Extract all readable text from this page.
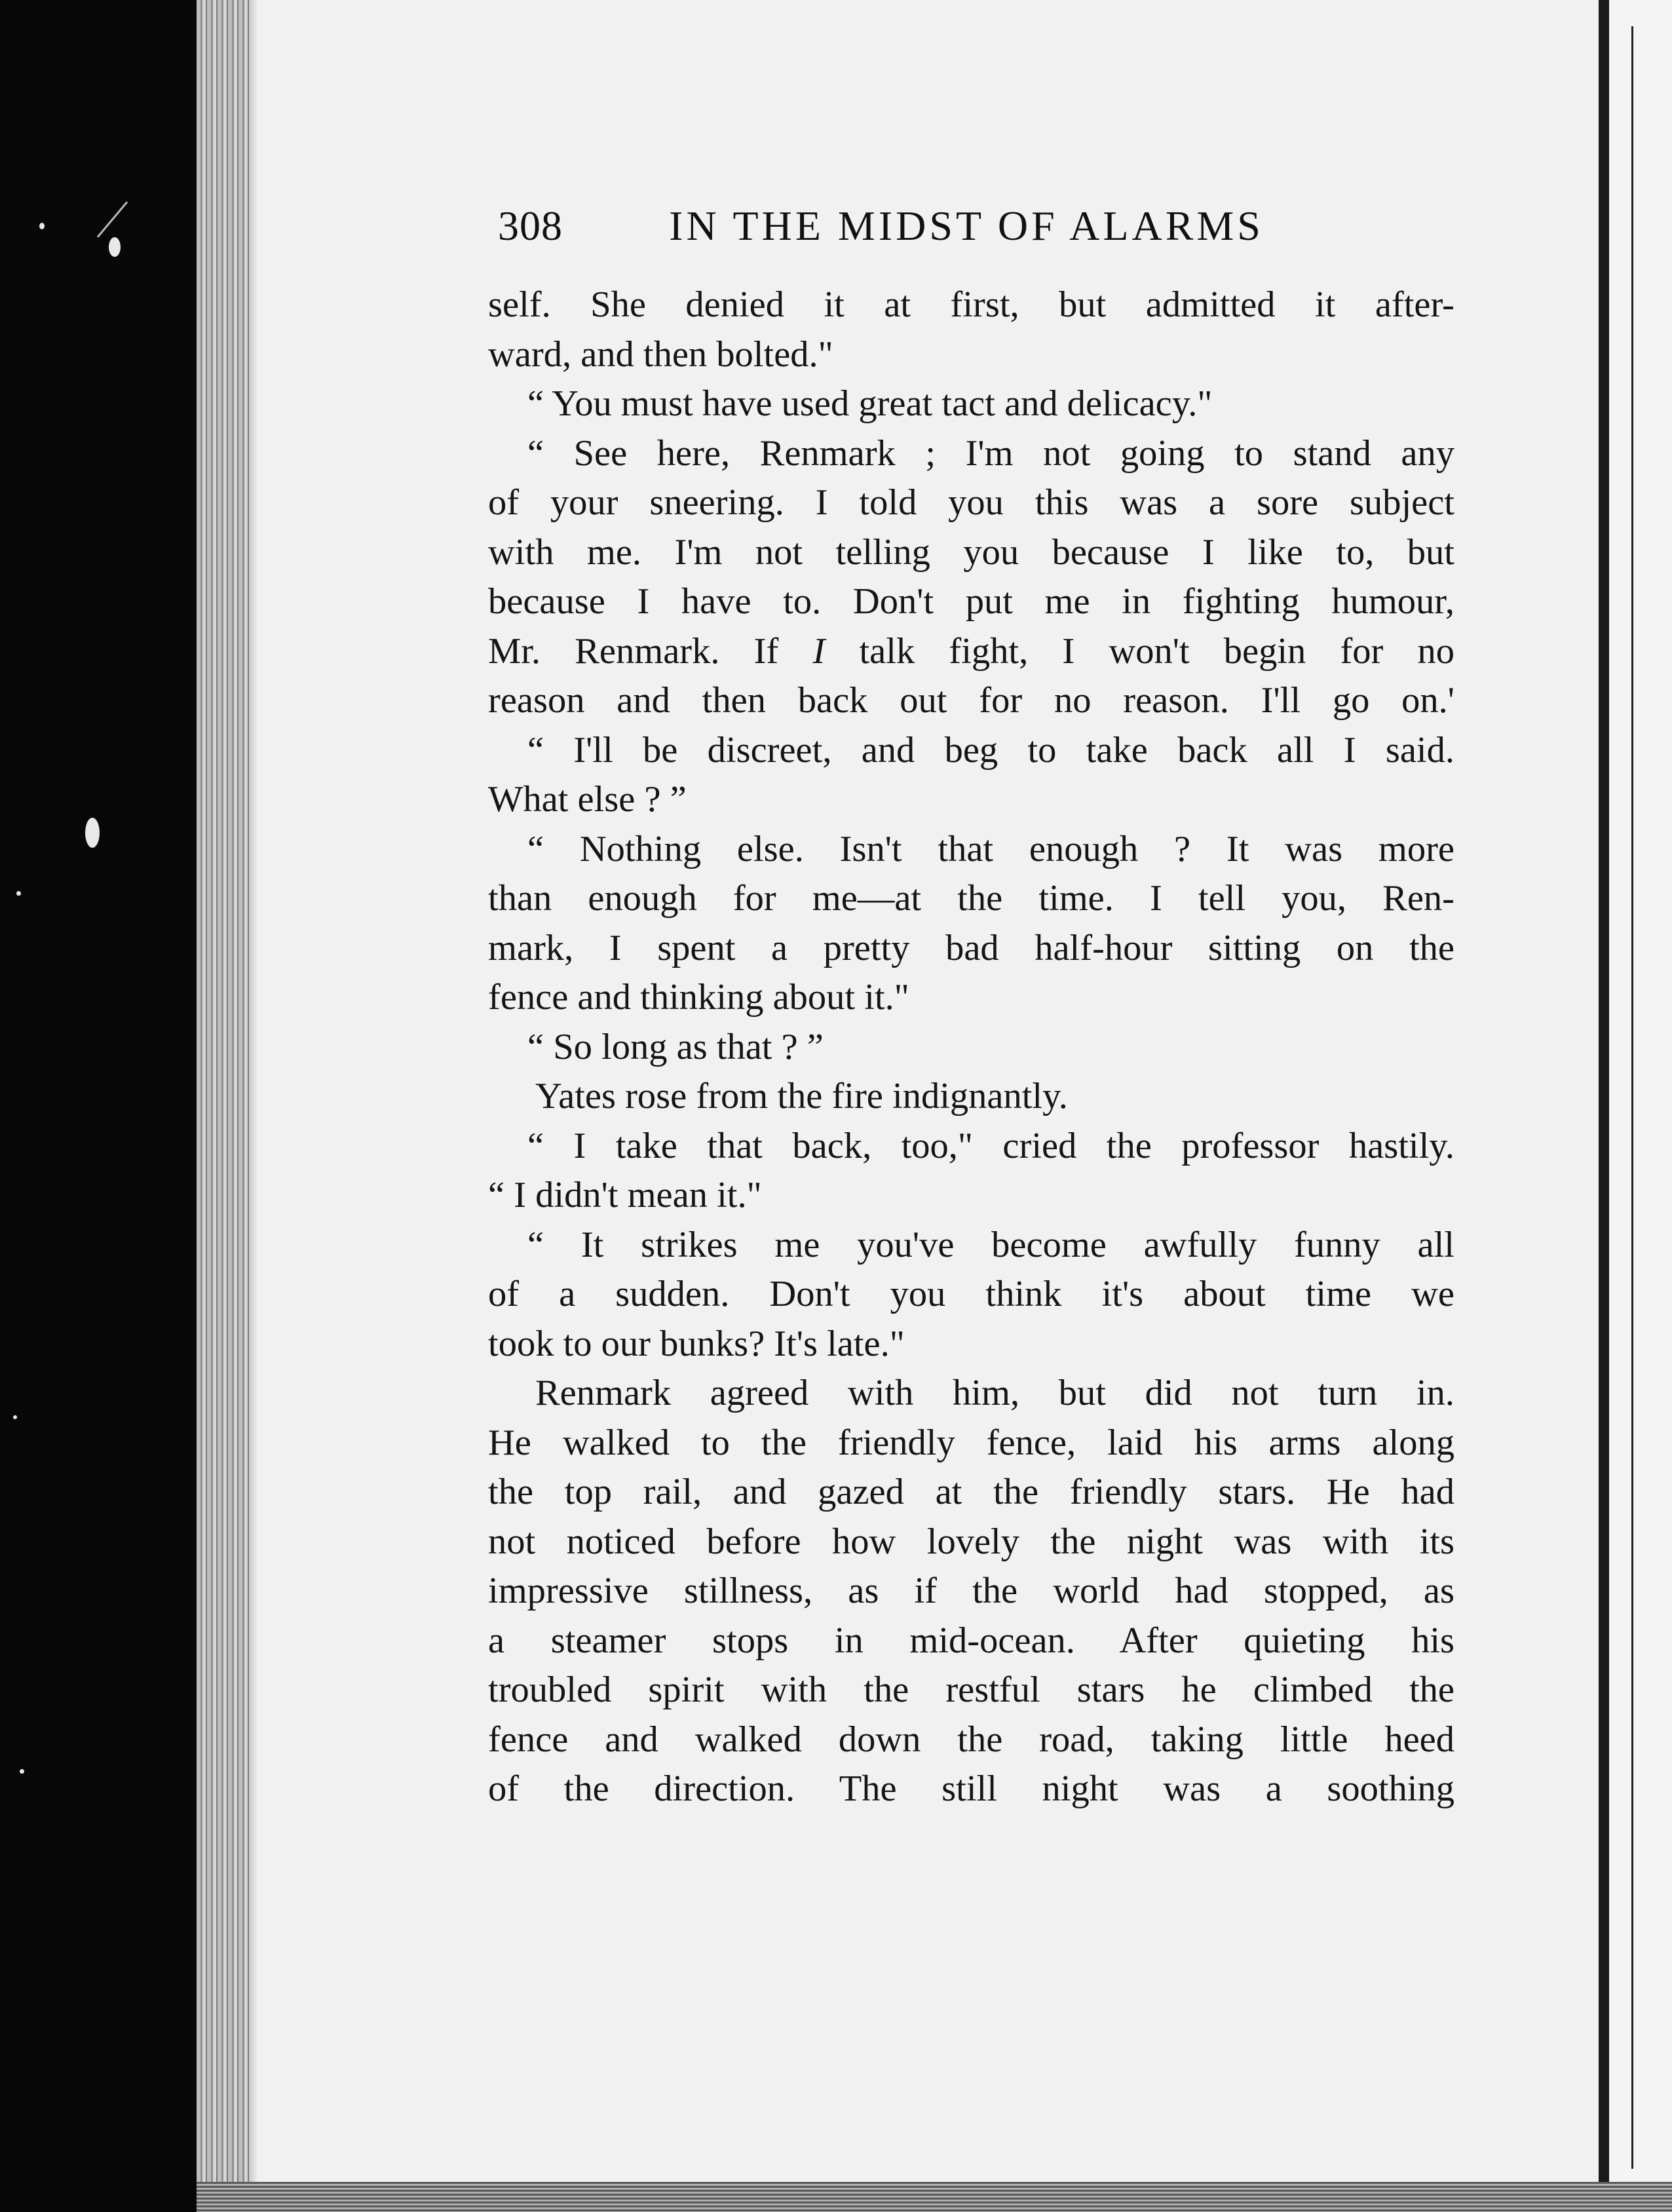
308	IN THE MIDST OF ALARMS
self. She denied it at first, but admitted it after-
ward, and then bolted."
“ You must have used great tact and delicacy."
“ See here, Renmark ; I'm not going to stand any
of your sneering. I told you this was a sore subject
with me. I'm not telling you because I like to, but
because I have to. Don't put me in fighting humour,
Mr. Renmark. If I talk fight, I won't begin for no
reason and then back out for no reason. I'll go on.'
“ I'll be discreet, and beg to take back all I said.
What else ? ”
“ Nothing else. Isn't that enough ? It was more
than enough for me—at the time. I tell you, Ren-
mark, I spent a pretty bad half-hour sitting on the
fence and thinking about it."
“ So long as that ? ”
Yates rose from the fire indignantly.
“ I take that back, too," cried the professor hastily.
“ I didn't mean it."
“ It strikes me you've become awfully funny all
of a sudden. Don't you think it's about time we
took to our bunks? It's late."
Renmark agreed with him, but did not turn in.
He walked to the friendly fence, laid his arms along
the top rail, and gazed at the friendly stars. He had
not noticed before how lovely the night was with its
impressive stillness, as if the world had stopped, as
a steamer stops in mid-ocean. After quieting his
troubled spirit with the restful stars he climbed the
fence and walked down the road, taking little heed
of the direction. The still night was a soothing
